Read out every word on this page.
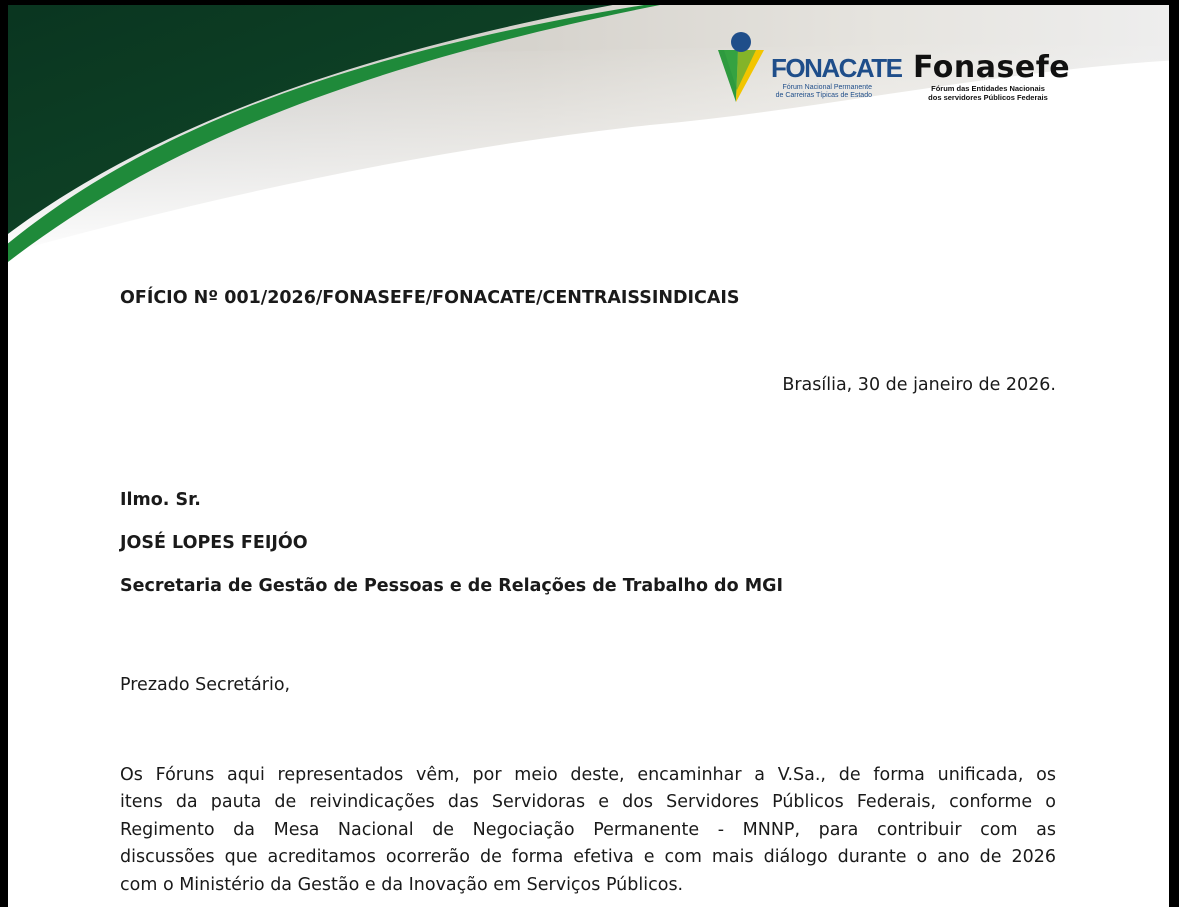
FONACATE
Fórum Nacional Permanente
de Carreiras Típicas de Estado
Fonasefe
Fórum das Entidades Nacionais
dos servidores Públicos Federais
OFÍCIO Nº 001/2026/FONASEFE/FONACATE/CENTRAISSINDICAIS
Brasília, 30 de janeiro de 2026.
Ilmo. Sr.
JOSÉ LOPES FEIJÓO
Secretaria de Gestão de Pessoas e de Relações de Trabalho do MGI
Prezado Secretário,
Os Fóruns aqui representados vêm, por meio deste, encaminhar a V.Sa., de forma unificada, os
itens da pauta de reivindicações das Servidoras e dos Servidores Públicos Federais, conforme o
Regimento da Mesa Nacional de Negociação Permanente - MNNP, para contribuir com as
discussões que acreditamos ocorrerão de forma efetiva e com mais diálogo durante o ano de 2026
com o Ministério da Gestão e da Inovação em Serviços Públicos.
